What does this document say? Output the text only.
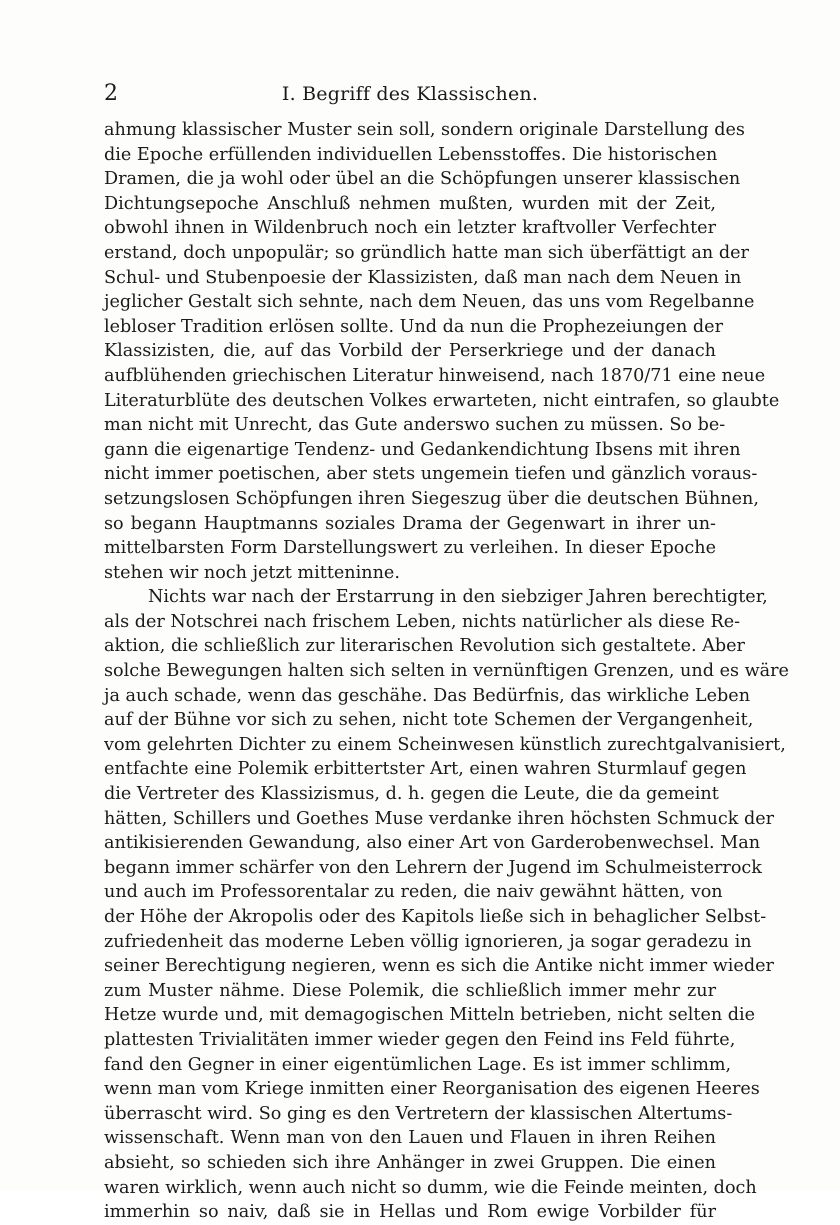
I. Begriff des Klassischen.
2
ahmung klassischer Muster sein soll, sondern originale Darstellung des
die Epoche erfüllenden individuellen Lebensstoffes. Die historischen
Dramen, die ja wohl oder übel an die Schöpfungen unserer klassischen
Dichtungsepoche Anschluß nehmen mußten, wurden mit der Zeit,
obwohl ihnen in Wildenbruch noch ein letzter kraftvoller Verfechter
erstand, doch unpopulär; so gründlich hatte man sich überfättigt an der
Schul- und Stubenpoesie der Klassizisten, daß man nach dem Neuen in
jeglicher Gestalt sich sehnte, nach dem Neuen, das uns vom Regelbanne
lebloser Tradition erlösen sollte. Und da nun die Prophezeiungen der
Klassizisten, die, auf das Vorbild der Perserkriege und der danach
aufblühenden griechischen Literatur hinweisend, nach 1870/71 eine neue
Literaturblüte des deutschen Volkes erwarteten, nicht eintrafen, so glaubte
man nicht mit Unrecht, das Gute anderswo suchen zu müssen. So be-
gann die eigenartige Tendenz- und Gedankendichtung Ibsens mit ihren
nicht immer poetischen, aber stets ungemein tiefen und gänzlich voraus-
setzungslosen Schöpfungen ihren Siegeszug über die deutschen Bühnen,
so begann Hauptmanns soziales Drama der Gegenwart in ihrer un-
mittelbarsten Form Darstellungswert zu verleihen. In dieser Epoche
stehen wir noch jetzt mitteninne.
Nichts war nach der Erstarrung in den siebziger Jahren berechtigter,
als der Notschrei nach frischem Leben, nichts natürlicher als diese Re-
aktion, die schließlich zur literarischen Revolution sich gestaltete. Aber
solche Bewegungen halten sich selten in vernünftigen Grenzen, und es wäre
ja auch schade, wenn das geschähe. Das Bedürfnis, das wirkliche Leben
auf der Bühne vor sich zu sehen, nicht tote Schemen der Vergangenheit,
vom gelehrten Dichter zu einem Scheinwesen künstlich zurechtgalvanisiert,
entfachte eine Polemik erbittertster Art, einen wahren Sturmlauf gegen
die Vertreter des Klassizismus, d. h. gegen die Leute, die da gemeint
hätten, Schillers und Goethes Muse verdanke ihren höchsten Schmuck der
antikisierenden Gewandung, also einer Art von Garderobenwechsel. Man
begann immer schärfer von den Lehrern der Jugend im Schulmeisterrock
und auch im Professorentalar zu reden, die naiv gewähnt hätten, von
der Höhe der Akropolis oder des Kapitols ließe sich in behaglicher Selbst-
zufriedenheit das moderne Leben völlig ignorieren, ja sogar geradezu in
seiner Berechtigung negieren, wenn es sich die Antike nicht immer wieder
zum Muster nähme. Diese Polemik, die schließlich immer mehr zur
Hetze wurde und, mit demagogischen Mitteln betrieben, nicht selten die
plattesten Trivialitäten immer wieder gegen den Feind ins Feld führte,
fand den Gegner in einer eigentümlichen Lage. Es ist immer schlimm,
wenn man vom Kriege inmitten einer Reorganisation des eigenen Heeres
überrascht wird. So ging es den Vertretern der klassischen Altertums-
wissenschaft. Wenn man von den Lauen und Flauen in ihren Reihen
absieht, so schieden sich ihre Anhänger in zwei Gruppen. Die einen
waren wirklich, wenn auch nicht so dumm, wie die Feinde meinten, doch
immerhin so naiv, daß sie in Hellas und Rom ewige Vorbilder für
